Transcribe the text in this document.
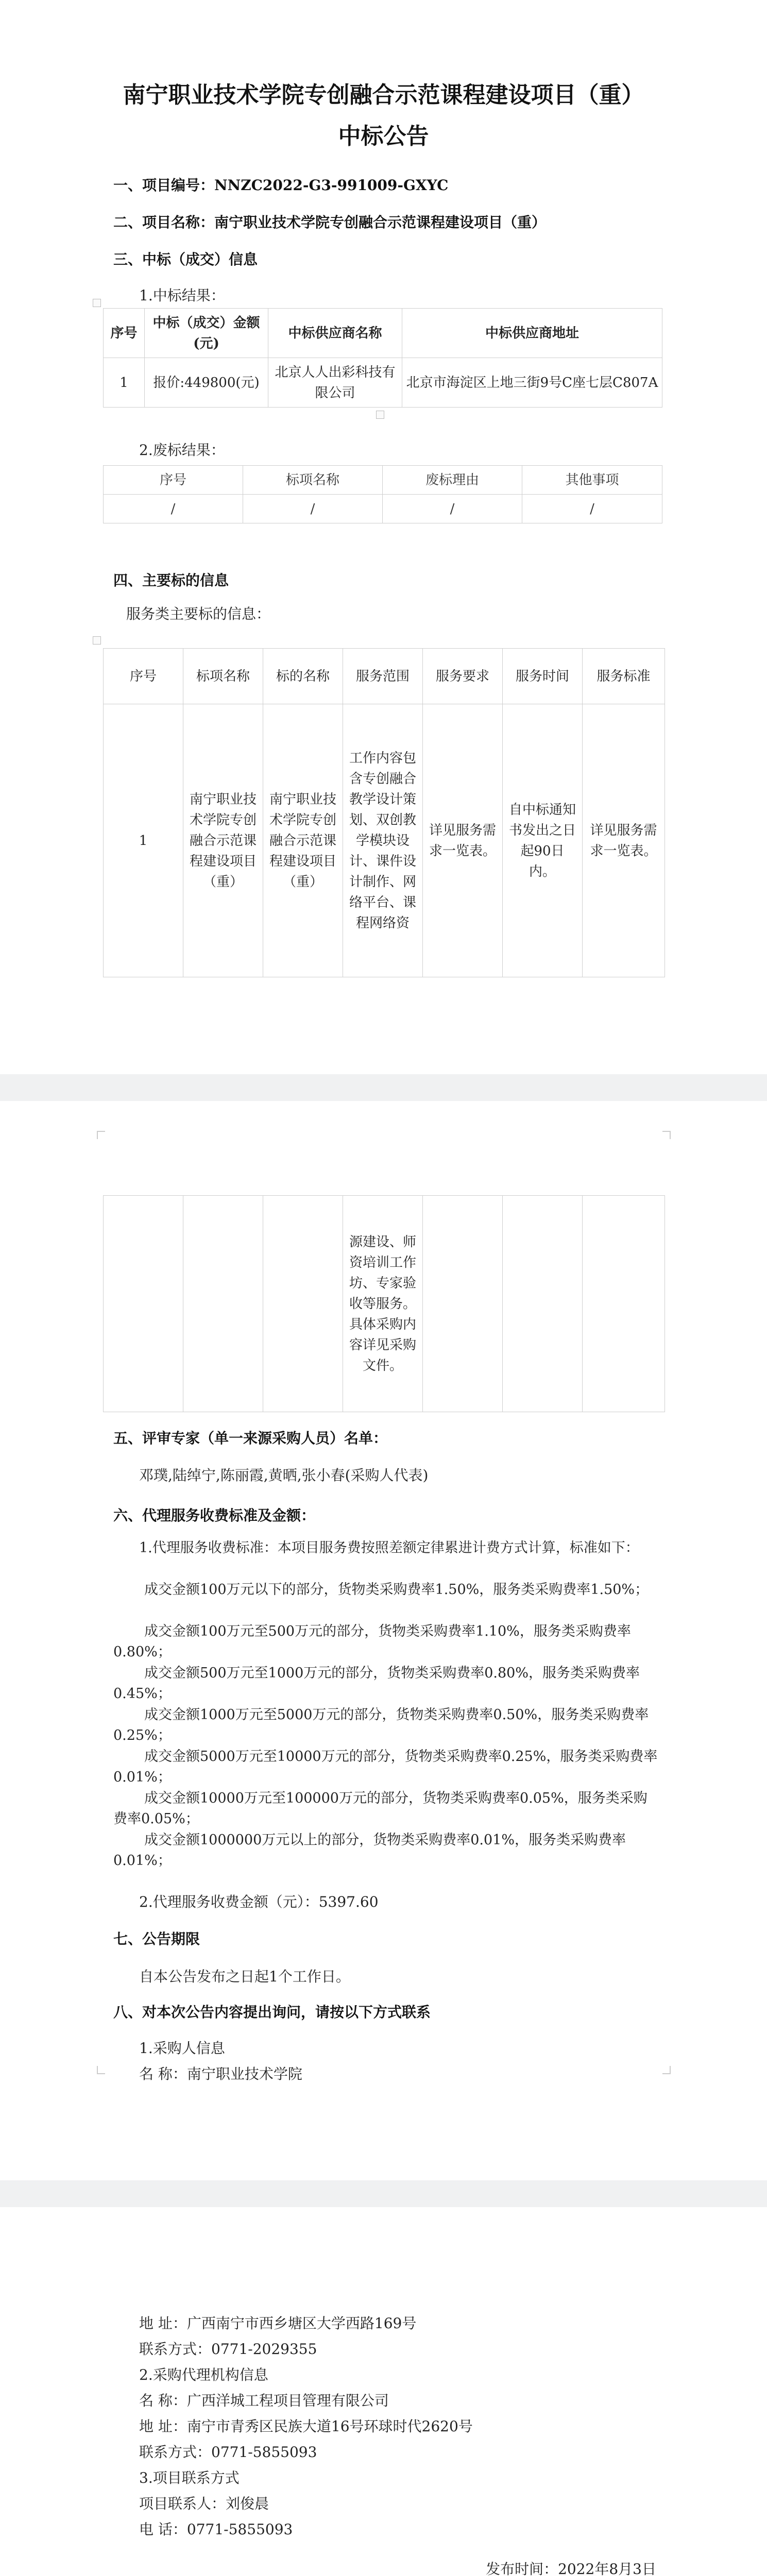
南宁职业技术学院专创融合示范课程建设项目（重）
中标公告
一、项目编号：NNZC2022-G3-991009-GXYC
二、项目名称：南宁职业技术学院专创融合示范课程建设项目（重）
三、中标（成交）信息
1.中标结果：
序号	中标（成交）金额(元)	中标供应商名称	中标供应商地址
1	报价:449800(元)	北京人人出彩科技有限公司	北京市海淀区上地三街9号C座七层C807A
2.废标结果：
序号	标项名称	废标理由	其他事项
/	/	/	/
四、主要标的信息
服务类主要标的信息：
序号	标项名称	标的名称	服务范围	服务要求	服务时间	服务标准
1	南宁职业技术学院专创融合示范课程建设项目（重）	南宁职业技术学院专创融合示范课程建设项目（重）	工作内容包含专创融合教学设计策划、双创教学模块设计、课件设计制作、网络平台、课程网络资	详见服务需求一览表。	自中标通知书发出之日起90日内。	详见服务需求一览表。
			源建设、师资培训工作坊、专家验收等服务。具体采购内容详见采购文件。			
五、评审专家（单一来源采购人员）名单：
邓璞,陆绰宁,陈丽霞,黄晒,张小春(采购人代表)
六、代理服务收费标准及金额：
1.代理服务收费标准：本项目服务费按照差额定律累进计费方式计算，标准如下：
成交金额100万元以下的部分，货物类采购费率1.50%，服务类采购费率1.50%；
成交金额100万元至500万元的部分，货物类采购费率1.10%，服务类采购费率0.80%；
成交金额500万元至1000万元的部分，货物类采购费率0.80%，服务类采购费率0.45%；
成交金额1000万元至5000万元的部分，货物类采购费率0.50%，服务类采购费率0.25%；
成交金额5000万元至10000万元的部分，货物类采购费率0.25%，服务类采购费率0.01%；
成交金额10000万元至100000万元的部分，货物类采购费率0.05%，服务类采购费率0.05%；
成交金额1000000万元以上的部分，货物类采购费率0.01%，服务类采购费率0.01%；
2.代理服务收费金额（元）：5397.60
七、公告期限
自本公告发布之日起1个工作日。
八、对本次公告内容提出询问，请按以下方式联系
1.采购人信息
名 称：南宁职业技术学院
地 址：广西南宁市西乡塘区大学西路169号
联系方式：0771-2029355
2.采购代理机构信息
名 称：广西洋城工程项目管理有限公司
地 址：南宁市青秀区民族大道16号环球时代2620号
联系方式：0771-5855093
3.项目联系方式
项目联系人：刘俊晨
电 话：0771-5855093
发布时间：2022年8月3日
